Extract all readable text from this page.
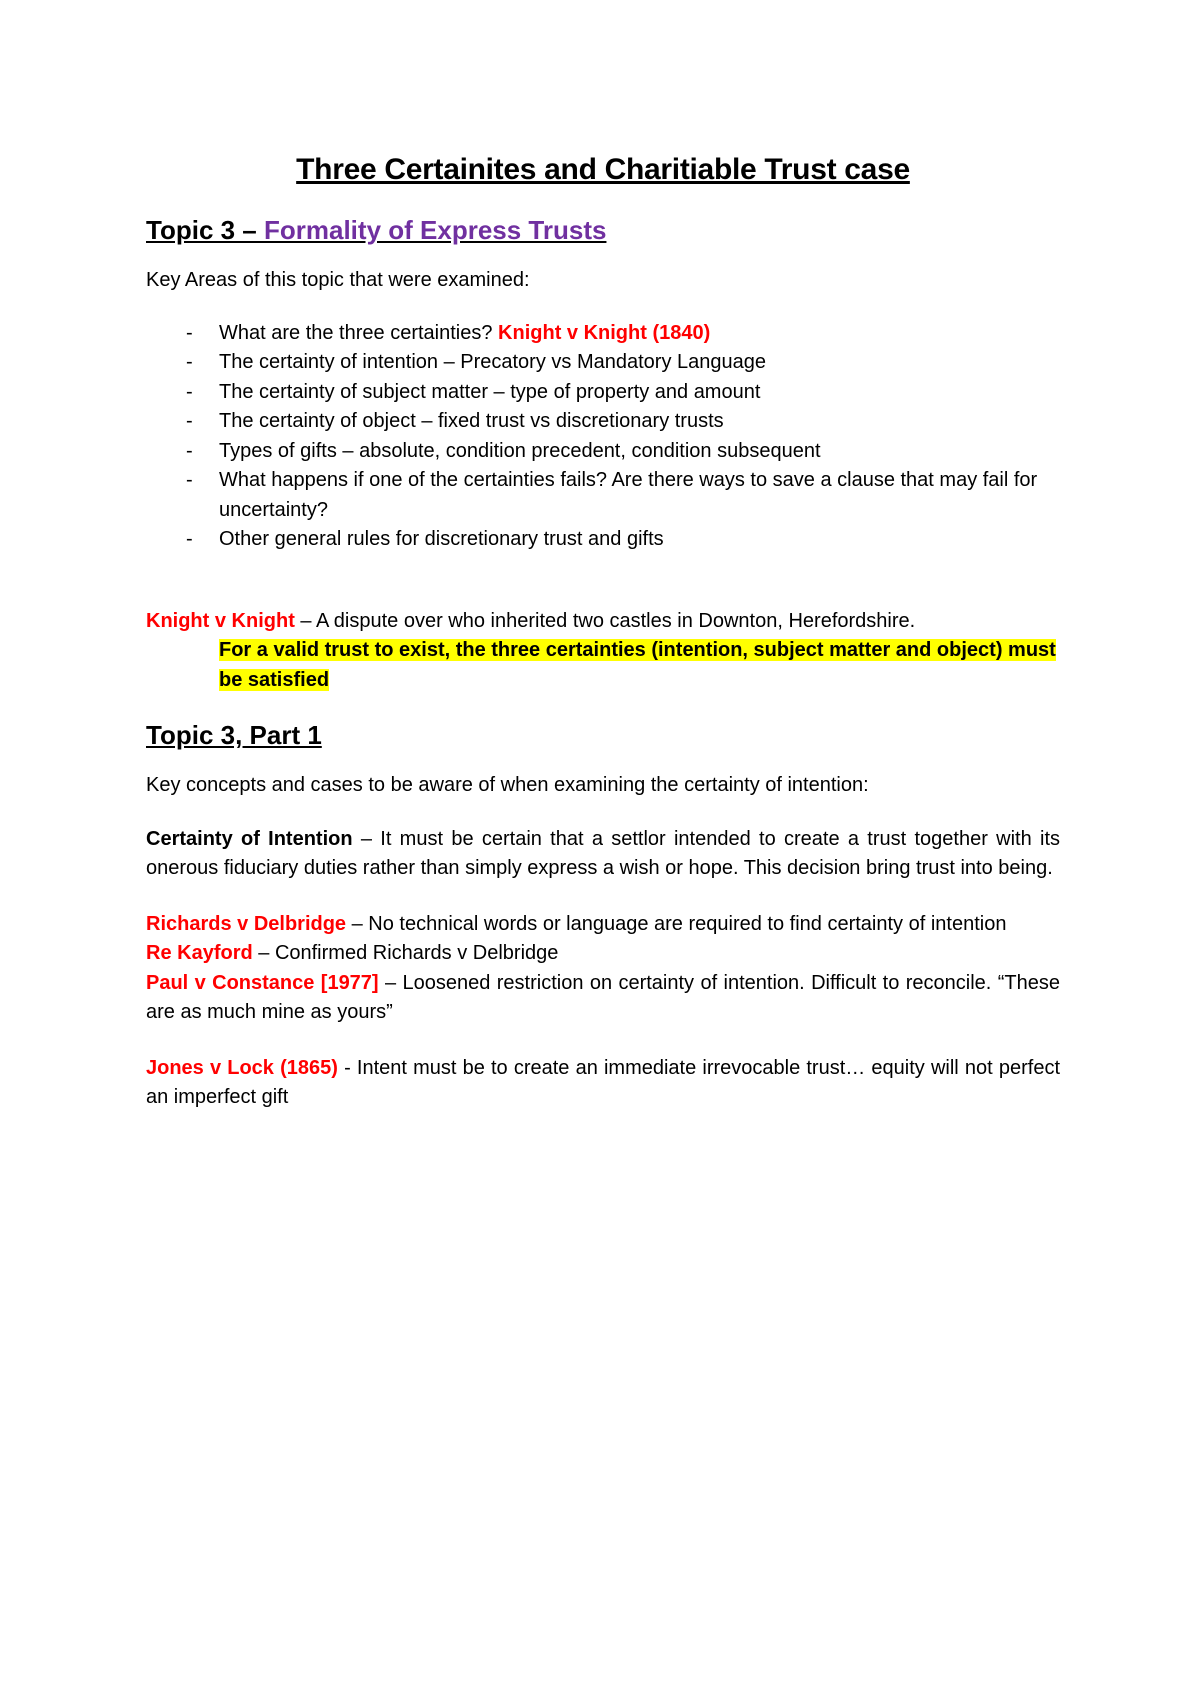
Three Certainites and Charitiable Trust case
Topic 3 – Formality of Express Trusts

Key Areas of this topic that were examined:

- What are the three certainties? Knight v Knight (1840)
- The certainty of intention – Precatory vs Mandatory Language
- The certainty of subject matter – type of property and amount
- The certainty of object – fixed trust vs discretionary trusts
- Types of gifts – absolute, condition precedent, condition subsequent
- What happens if one of the certainties fails? Are there ways to save a clause that may fail for uncertainty?
- Other general rules for discretionary trust and gifts

Knight v Knight – A dispute over who inherited two castles in Downton, Herefordshire.

For a valid trust to exist, the three certainties (intention, subject matter and object) must be satisfied

Topic 3, Part 1

Key concepts and cases to be aware of when examining the certainty of intention:

Certainty of Intention – It must be certain that a settlor intended to create a trust together with its onerous fiduciary duties rather than simply express a wish or hope. This decision bring trust into being.

Richards v Delbridge – No technical words or language are required to find certainty of intention

Re Kayford – Confirmed Richards v Delbridge

Paul v Constance [1977] – Loosened restriction on certainty of intention. Difficult to reconcile. “These are as much mine as yours”

Jones v Lock (1865) - Intent must be to create an immediate irrevocable trust… equity will not perfect an imperfect gift
